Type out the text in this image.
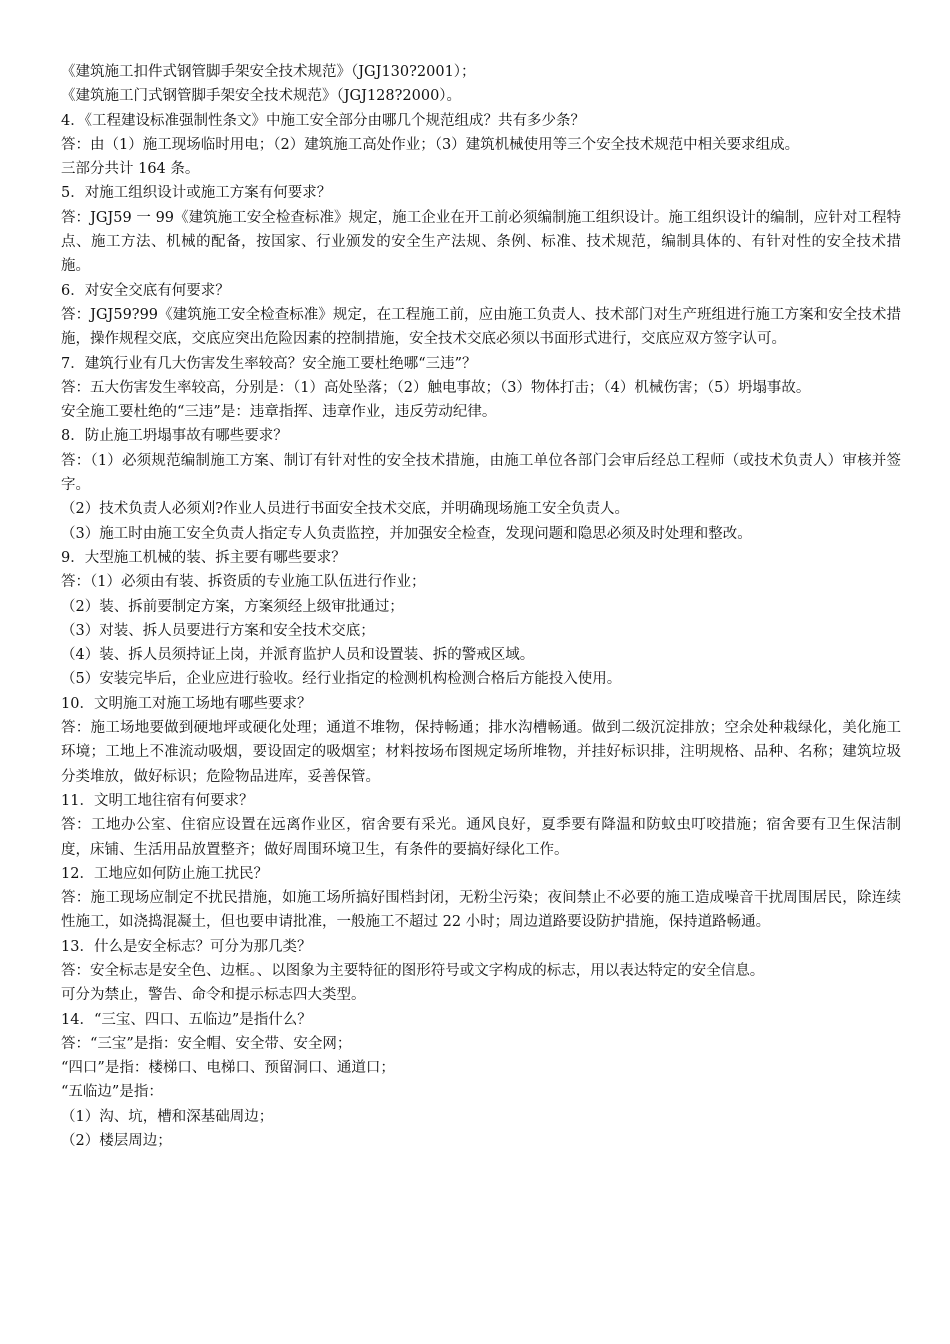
《建筑施工扣件式钢管脚手架安全技术规范》（JGJ130?2001）；

《建筑施工门式钢管脚手架安全技术规范》（JGJ128?2000）。

4．《工程建设标准强制性条文》中施工安全部分由哪几个规范组成？共有多少条？

答：由（1）施工现场临时用电；（2）建筑施工高处作业；（3）建筑机械使用等三个安全技术规范中相关要求组成。

三部分共计 164 条。

5．对施工组织设计或施工方案有何要求？

答：JGJ59 一 99《建筑施工安全检查标准》规定，施工企业在开工前必须编制施工组织设计。施工组织设计的编制，应针对工程特点、施工方法、机械的配备，按国家、行业颁发的安全生产法规、条例、标准、技术规范，编制具体的、有针对性的安全技术措施。

6．对安全交底有何要求？

答：JGJ59?99《建筑施工安全检查标准》规定，在工程施工前，应由施工负责人、技术部门对生产班组进行施工方案和安全技术措施，操作规程交底，交底应突出危险因素的控制措施，安全技术交底必须以书面形式进行，交底应双方签字认可。

7．建筑行业有几大伤害发生率较高？安全施工要杜绝哪“三违”？

答：五大伤害发生率较高，分别是：（1）高处坠落；（2）触电事故；（3）物体打击；（4）机械伤害；（5）坍塌事故。

安全施工要杜绝的“三违”是：违章指挥、违章作业，违反劳动纪律。

8．防止施工坍塌事故有哪些要求？

答：（1）必须规范编制施工方案、制订有针对性的安全技术措施，由施工单位各部门会审后经总工程师（或技术负责人）审核并签字。

（2）技术负责人必须刈?作业人员进行书面安全技术交底，并明确现场施工安全负责人。

（3）施工时由施工安全负责人指定专人负责监控，并加强安全检查，发现问题和隐思必须及时处理和整改。

9．大型施工机械的装、拆主要有哪些要求？

答：（1）必须由有装、拆资质的专业施工队伍进行作业；

（2）装、拆前要制定方案，方案须经上级审批通过；

（3）对装、拆人员要进行方案和安全技术交底；

（4）装、拆人员须持证上岗，并派育监护人员和设置装、拆的警戒区域。

（5）安装完毕后，企业应进行验收。经行业指定的检测机构检测合格后方能投入使用。

10．文明施工对施工场地有哪些要求？

答：施工场地要做到硬地坪或硬化处理；通道不堆物，保持畅通；排水沟槽畅通。做到二级沉淀排放；空余处种栽绿化，美化施工环境；工地上不准流动吸烟，要设固定的吸烟室；材料按场布图规定场所堆物，并挂好标识排，注明规格、品种、名称；建筑垃圾分类堆放，做好标识；危险物品进库，妥善保管。

11．文明工地往宿有何要求？

答：工地办公室、住宿应设置在远离作业区，宿舍要有采光。通风良好，夏季要有降温和防蚊虫叮咬措施；宿舍要有卫生保洁制度，床铺、生活用品放置整齐；做好周围环境卫生，有条件的要搞好绿化工作。

12．工地应如何防止施工扰民？

答：施工现场应制定不扰民措施，如施工场所搞好围档封闭，无粉尘污染；夜间禁止不必要的施工造成噪音干扰周围居民，除连续性施工，如浇捣混凝土，但也要申请批准，一般施工不超过 22 小时；周边道路要设防护措施，保持道路畅通。

13．什么是安全标志？可分为那几类？

答：安全标志是安全色、边框。、以图象为主要特征的图形符号或文字构成的标志，用以表达特定的安全信息。

可分为禁止，警告、命令和提示标志四大类型。

14．“三宝、四口、五临边”是指什么？

答：“三宝”是指：安全帽、安全带、安全网；

“四口”是指：楼梯口、电梯口、预留洞口、通道口；

“五临边”是指：

（1）沟、坑，槽和深基础周边；

（2）楼层周边；
